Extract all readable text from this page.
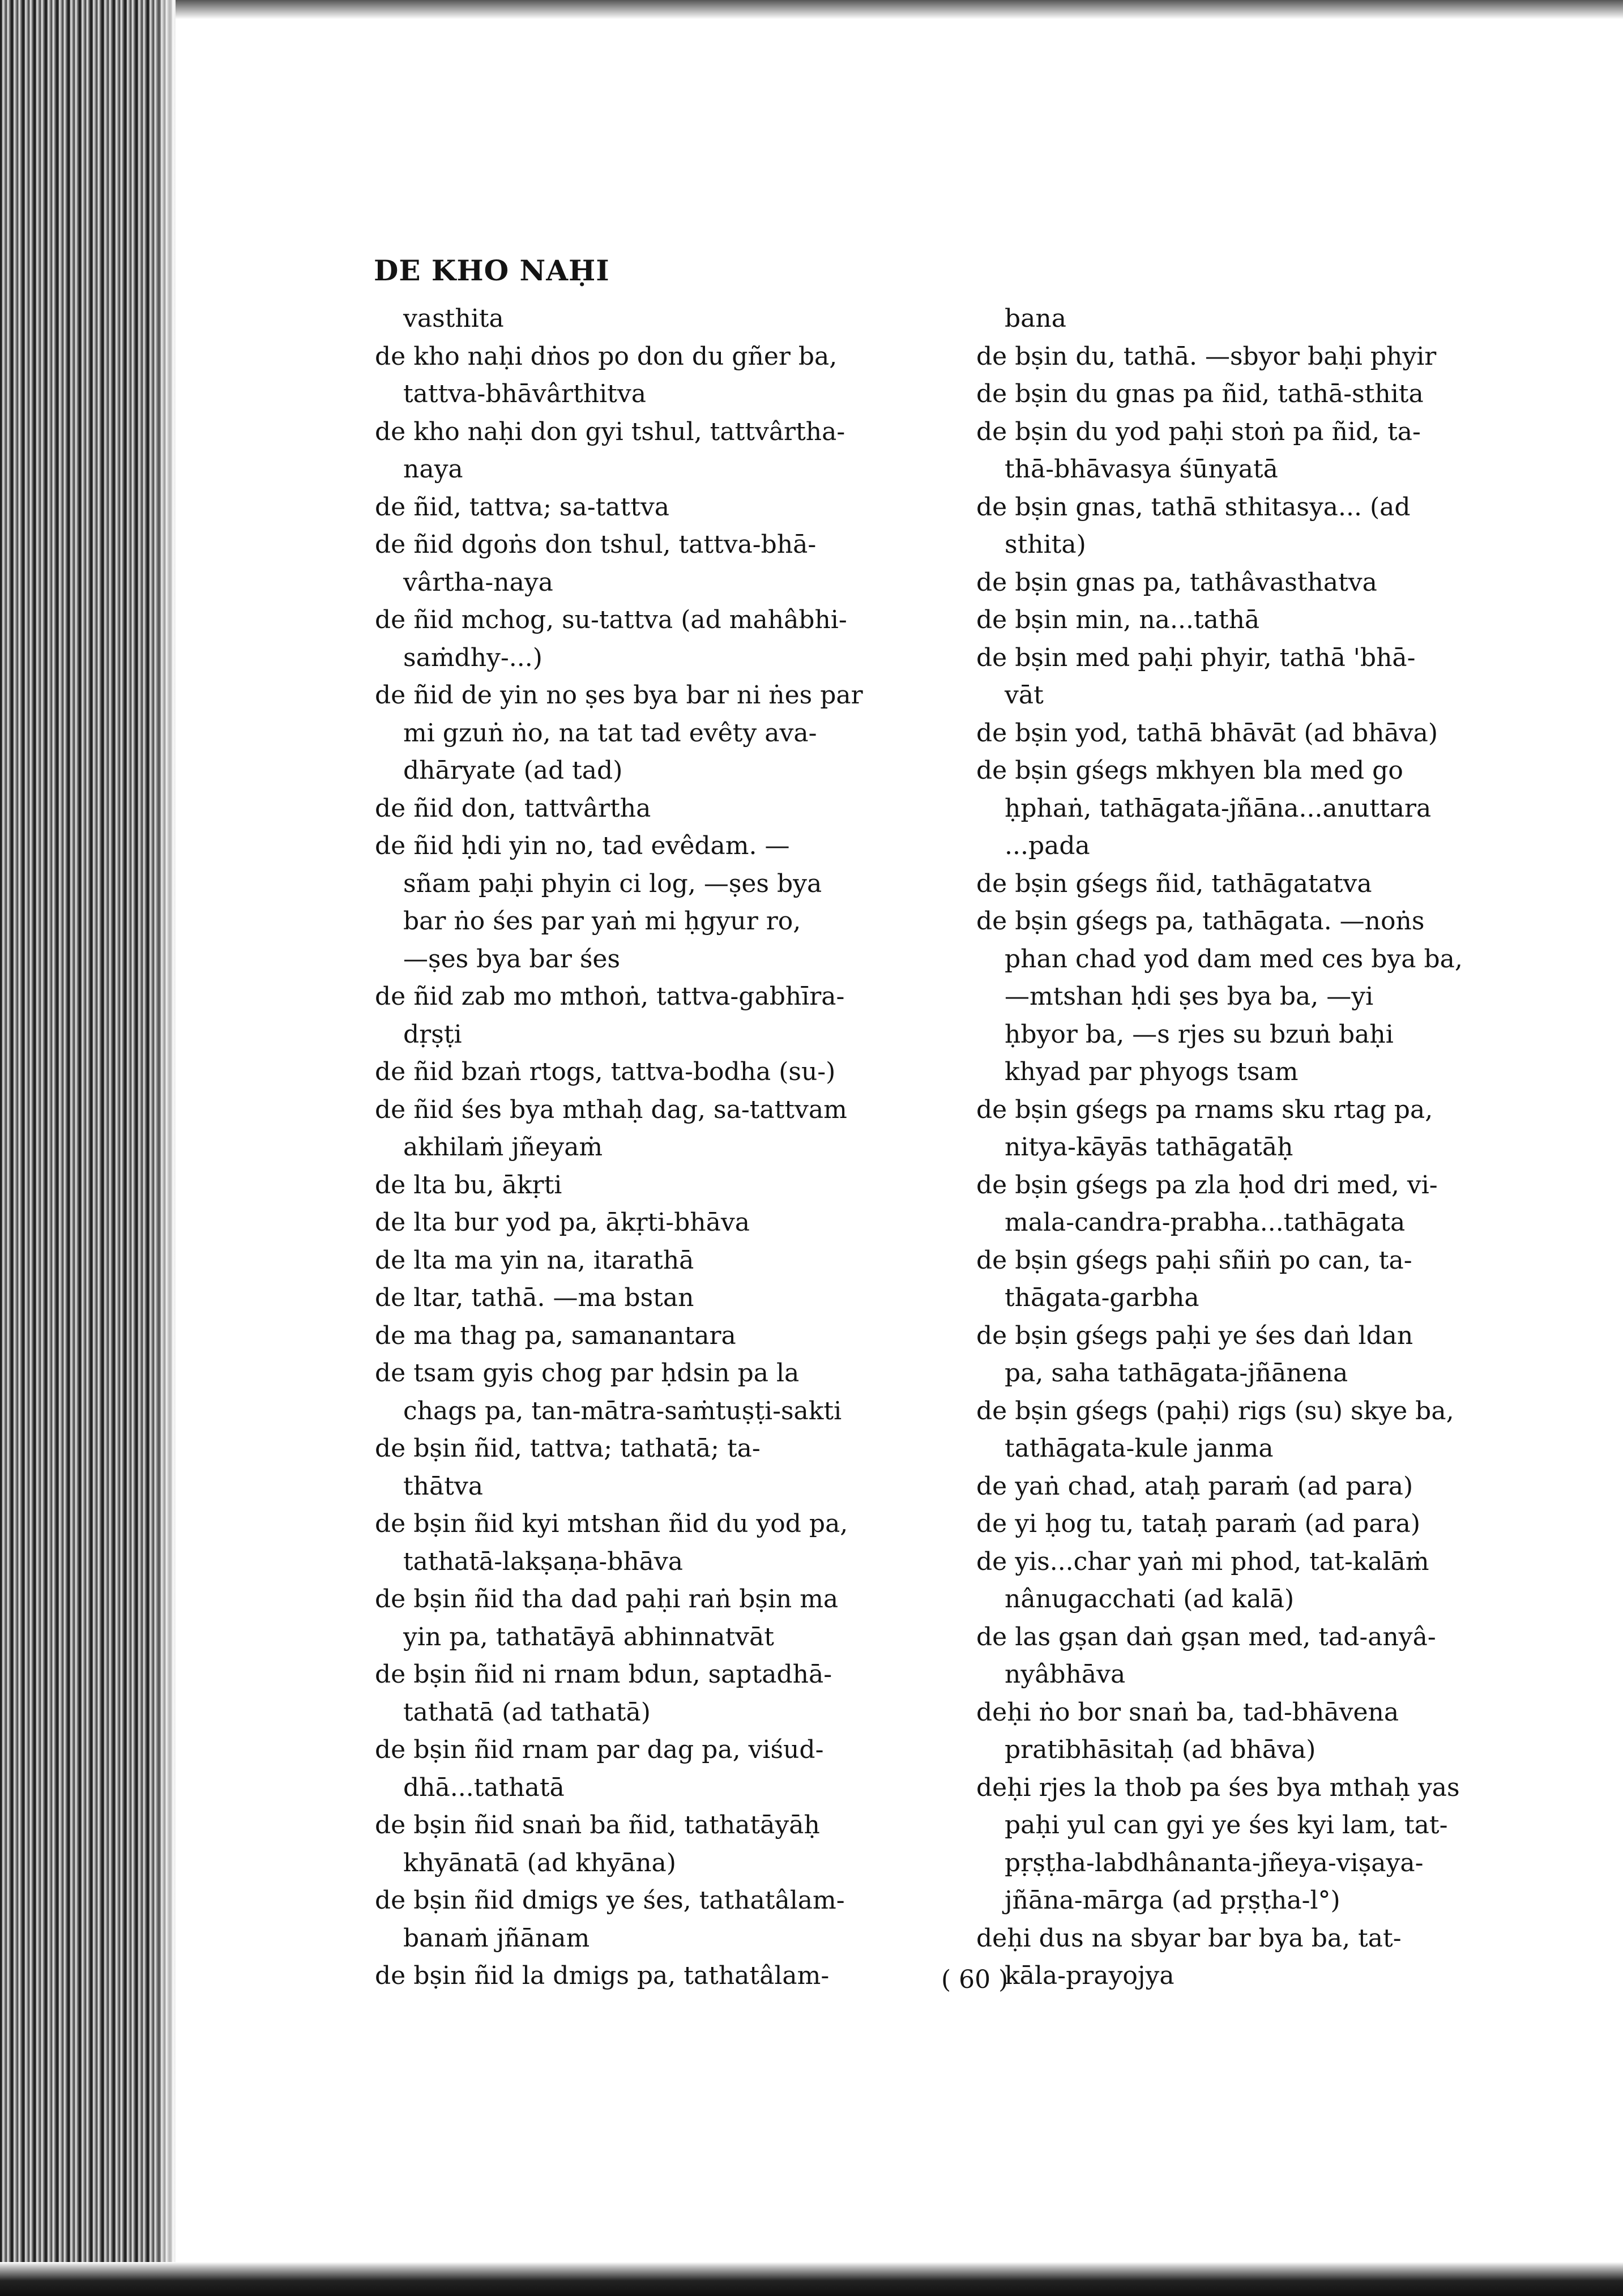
DE KHO NAḤI
vasthita
de kho naḥi dṅos po don du gñer ba,
tattva-bhāvârthitva
de kho naḥi don gyi tshul, tattvârtha-
naya
de ñid, tattva; sa-tattva
de ñid dgoṅs don tshul, tattva-bhā-
vârtha-naya
de ñid mchog, su-tattva (ad mahâbhi-
saṁdhy-...)
de ñid de yin no ṣes bya bar ni ṅes par
mi gzuṅ ṅo, na tat tad evêty ava-
dhāryate (ad tad)
de ñid don, tattvârtha
de ñid ḥdi yin no, tad evêdam. —
sñam paḥi phyin ci log, —ṣes bya
bar ṅo śes par yaṅ mi ḥgyur ro,
—ṣes bya bar śes
de ñid zab mo mthoṅ, tattva-gabhīra-
dṛṣṭi
de ñid bzaṅ rtogs, tattva-bodha (su-)
de ñid śes bya mthaḥ dag, sa-tattvam
akhilaṁ jñeyaṁ
de lta bu, ākṛti
de lta bur yod pa, ākṛti-bhāva
de lta ma yin na, itarathā
de ltar, tathā. —ma bstan
de ma thag pa, samanantara
de tsam gyis chog par ḥdsin pa la
chags pa, tan-mātra-saṁtuṣṭi-sakti
de bṣin ñid, tattva; tathatā; ta-
thātva
de bṣin ñid kyi mtshan ñid du yod pa,
tathatā-lakṣaṇa-bhāva
de bṣin ñid tha dad paḥi raṅ bṣin ma
yin pa, tathatāyā abhinnatvāt
de bṣin ñid ni rnam bdun, saptadhā-
tathatā (ad tathatā)
de bṣin ñid rnam par dag pa, viśud-
dhā...tathatā
de bṣin ñid snaṅ ba ñid, tathatāyāḥ
khyānatā (ad khyāna)
de bṣin ñid dmigs ye śes, tathatâlam-
banaṁ jñānam
de bṣin ñid la dmigs pa, tathatâlam-
bana
de bṣin du, tathā. —sbyor baḥi phyir
de bṣin du gnas pa ñid, tathā-sthita
de bṣin du yod paḥi stoṅ pa ñid, ta-
thā-bhāvasya śūnyatā
de bṣin gnas, tathā sthitasya... (ad
sthita)
de bṣin gnas pa, tathâvasthatva
de bṣin min, na...tathā
de bṣin med paḥi phyir, tathā 'bhā-
vāt
de bṣin yod, tathā bhāvāt (ad bhāva)
de bṣin gśegs mkhyen bla med go
ḥphaṅ, tathāgata-jñāna...anuttara
...pada
de bṣin gśegs ñid, tathāgatatva
de bṣin gśegs pa, tathāgata. —noṅs
phan chad yod dam med ces bya ba,
—mtshan ḥdi ṣes bya ba, —yi
ḥbyor ba, —s rjes su bzuṅ baḥi
khyad par phyogs tsam
de bṣin gśegs pa rnams sku rtag pa,
nitya-kāyās tathāgatāḥ
de bṣin gśegs pa zla ḥod dri med, vi-
mala-candra-prabha...tathāgata
de bṣin gśegs paḥi sñiṅ po can, ta-
thāgata-garbha
de bṣin gśegs paḥi ye śes daṅ ldan
pa, saha tathāgata-jñānena
de bṣin gśegs (paḥi) rigs (su) skye ba,
tathāgata-kule janma
de yaṅ chad, ataḥ paraṁ (ad para)
de yi ḥog tu, tataḥ paraṁ (ad para)
de yis...char yaṅ mi phod, tat-kalāṁ
nânugacchati (ad kalā)
de las gṣan daṅ gṣan med, tad-anyâ-
nyâbhāva
deḥi ṅo bor snaṅ ba, tad-bhāvena
pratibhāsitaḥ (ad bhāva)
deḥi rjes la thob pa śes bya mthaḥ yas
paḥi yul can gyi ye śes kyi lam, tat-
pṛṣṭha-labdhânanta-jñeya-viṣaya-
jñāna-mārga (ad pṛṣṭha-l°)
deḥi dus na sbyar bar bya ba, tat-
kāla-prayojya
( 60 )
